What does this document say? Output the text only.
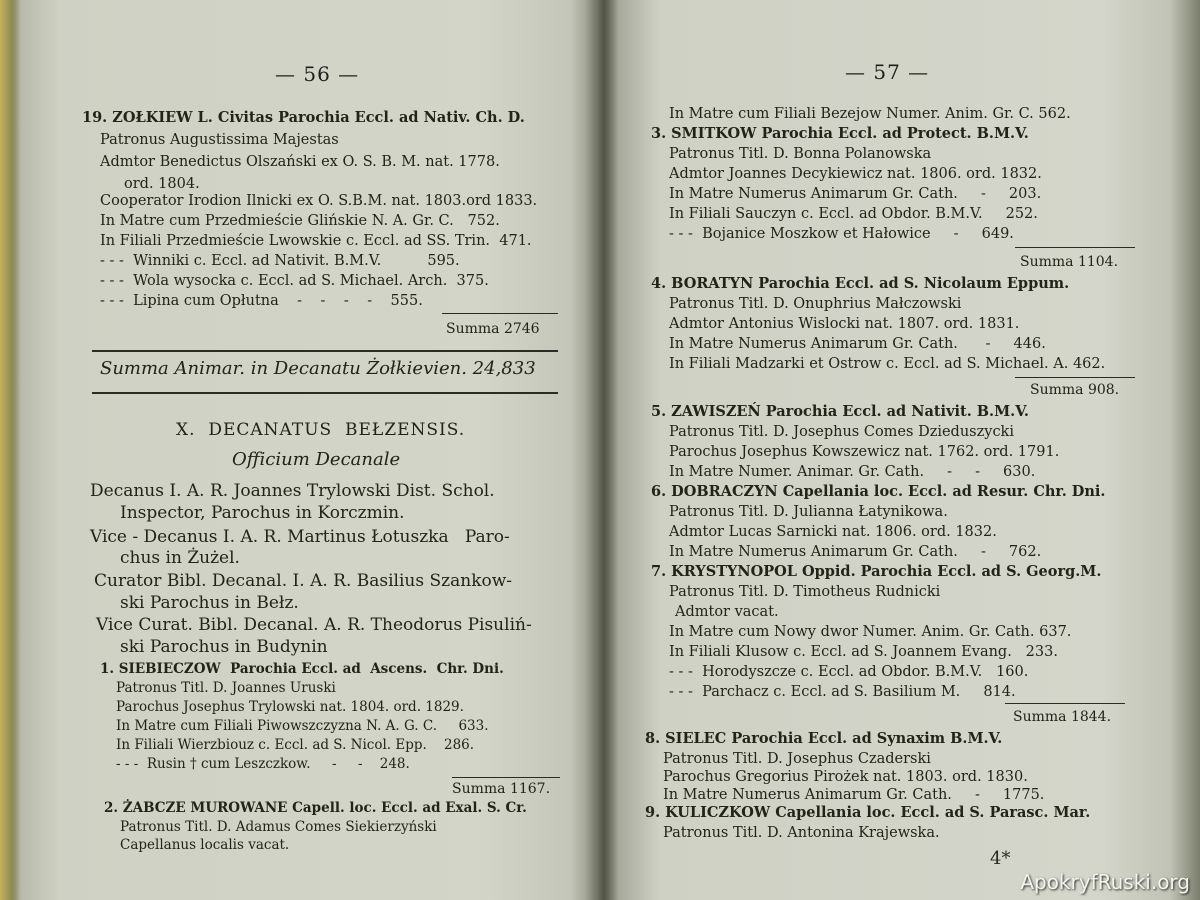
— 56 —
19. ZOŁKIEW L. Civitas Parochia Eccl. ad Nativ. Ch. D.
Patronus Augustissima Majestas
Admtor Benedictus Olszański ex O. S. B. M. nat. 1778.
ord. 1804.
Cooperator Irodion Ilnicki ex O. S.B.M. nat. 1803.ord 1833.
In Matre cum Przedmieście Glińskie N. A. Gr. C.   752.
In Filiali Przedmieście Lwowskie c. Eccl. ad SS. Trin.  471.
- - -  Winniki c. Eccl. ad Nativit. B.M.V.          595.
- - -  Wola wysocka c. Eccl. ad S. Michael. Arch.  375.
- - -  Lipina cum Opłutna    -    -    -    -    555.
Summa 2746
Summa Animar. in Decanatu Żołkievien. 24,833
X.  DECANATUS  BEŁZENSIS.
Officium Decanale
Decanus I. A. R. Joannes Trylowski Dist. Schol.
Inspector, Parochus in Korczmin.
Vice - Decanus I. A. R. Martinus Łotuszka   Paro-
chus in Żużel.
Curator Bibl. Decanal. I. A. R. Basilius Szankow-
ski Parochus in Bełz.
Vice Curat. Bibl. Decanal. A. R. Theodorus Pisuliń-
ski Parochus in Budynin
1. SIEBIECZOW  Parochia Eccl. ad  Ascens.  Chr. Dni.
Patronus Titl. D. Joannes Uruski
Parochus Josephus Trylowski nat. 1804. ord. 1829.
In Matre cum Filiali Piwowszczyzna N. A. G. C.     633.
In Filiali Wierzbiouz c. Eccl. ad S. Nicol. Epp.    286.
- - -  Rusin † cum Leszczkow.     -     -    248.
Summa 1167.
2. ŻABCZE MUROWANE Capell. loc. Eccl. ad Exal. S. Cr.
Patronus Titl. D. Adamus Comes Siekierzyński
Capellanus localis vacat.
— 57 —
In Matre cum Filiali Bezejow Numer. Anim. Gr. C. 562.
3. SMITKOW Parochia Eccl. ad Protect. B.M.V.
Patronus Titl. D. Bonna Polanowska
Admtor Joannes Decykiewicz nat. 1806. ord. 1832.
In Matre Numerus Animarum Gr. Cath.     -     203.
In Filiali Sauczyn c. Eccl. ad Obdor. B.M.V.     252.
- - -  Bojanice Moszkow et Hałowice     -     649.
Summa 1104.
4. BORATYN Parochia Eccl. ad S. Nicolaum Eppum.
Patronus Titl. D. Onuphrius Małczowski
Admtor Antonius Wislocki nat. 1807. ord. 1831.
In Matre Numerus Animarum Gr. Cath.      -     446.
In Filiali Madzarki et Ostrow c. Eccl. ad S. Michael. A. 462.
Summa 908.
5. ZAWISZEŃ Parochia Eccl. ad Nativit. B.M.V.
Patronus Titl. D. Josephus Comes Dzieduszycki
Parochus Josephus Kowszewicz nat. 1762. ord. 1791.
In Matre Numer. Animar. Gr. Cath.     -     -     630.
6. DOBRACZYN Capellania loc. Eccl. ad Resur. Chr. Dni.
Patronus Titl. D. Julianna Łatynikowa.
Admtor Lucas Sarnicki nat. 1806. ord. 1832.
In Matre Numerus Animarum Gr. Cath.     -     762.
7. KRYSTYNOPOL Oppid. Parochia Eccl. ad S. Georg.M.
Patronus Titl. D. Timotheus Rudnicki
Admtor vacat.
In Matre cum Nowy dwor Numer. Anim. Gr. Cath. 637.
In Filiali Klusow c. Eccl. ad S. Joannem Evang.   233.
- - -  Horodyszcze c. Eccl. ad Obdor. B.M.V.   160.
- - -  Parchacz c. Eccl. ad S. Basilium M.     814.
Summa 1844.
8. SIELEC Parochia Eccl. ad Synaxim B.M.V.
Patronus Titl. D. Josephus Czaderski
Parochus Gregorius Pirożek nat. 1803. ord. 1830.
In Matre Numerus Animarum Gr. Cath.     -     1775.
9. KULICZKOW Capellania loc. Eccl. ad S. Parasc. Mar.
Patronus Titl. D. Antonina Krajewska.
4*
ApokryfRuski.org
